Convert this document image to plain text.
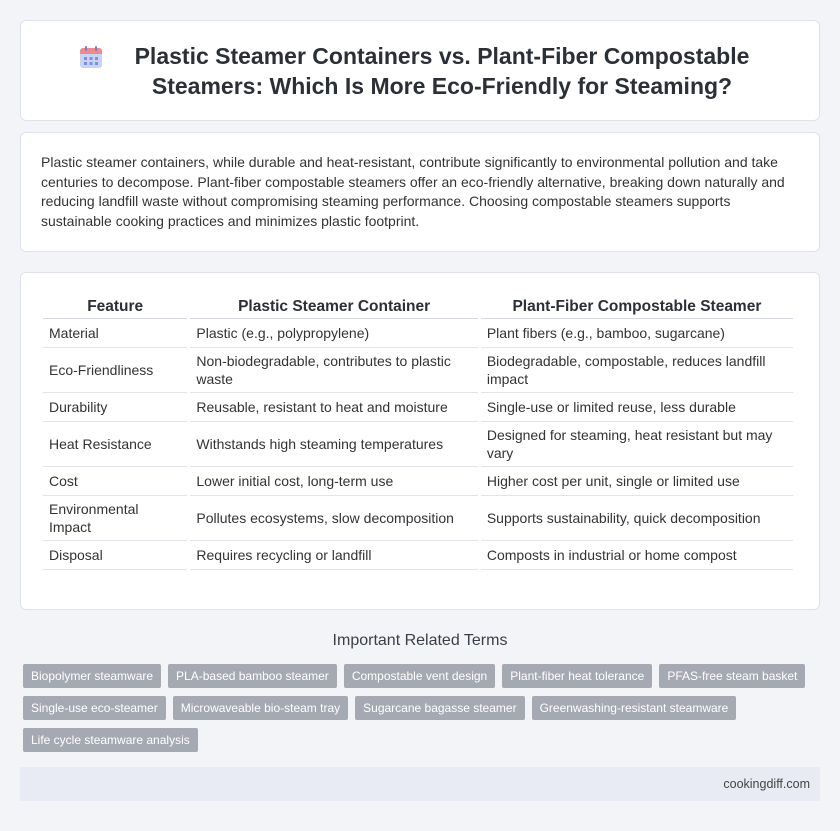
Plastic Steamer Containers vs. Plant-Fiber Compostable Steamers: Which Is More Eco-Friendly for Steaming?

Plastic steamer containers, while durable and heat-resistant, contribute significantly to environmental pollution and take centuries to decompose. Plant-fiber compostable steamers offer an eco-friendly alternative, breaking down naturally and reducing landfill waste without compromising steaming performance. Choosing compostable steamers supports sustainable cooking practices and minimizes plastic footprint.

Feature	Plastic Steamer Container	Plant-Fiber Compostable Steamer
Material	Plastic (e.g., polypropylene)	Plant fibers (e.g., bamboo, sugarcane)
Eco-Friendliness	Non-biodegradable, contributes to plastic waste	Biodegradable, compostable, reduces landfill impact
Durability	Reusable, resistant to heat and moisture	Single-use or limited reuse, less durable
Heat Resistance	Withstands high steaming temperatures	Designed for steaming, heat resistant but may vary
Cost	Lower initial cost, long-term use	Higher cost per unit, single or limited use
Environmental Impact	Pollutes ecosystems, slow decomposition	Supports sustainability, quick decomposition
Disposal	Requires recycling or landfill	Composts in industrial or home compost
Important Related Terms
Biopolymer steamware	PLA-based bamboo steamer	Compostable vent design	Plant-fiber heat tolerance	PFAS-free steam basket
Single-use eco-steamer	Microwaveable bio-steam tray	Sugarcane bagasse steamer	Greenwashing-resistant steamware
Life cycle steamware analysis
cookingdiff.com
